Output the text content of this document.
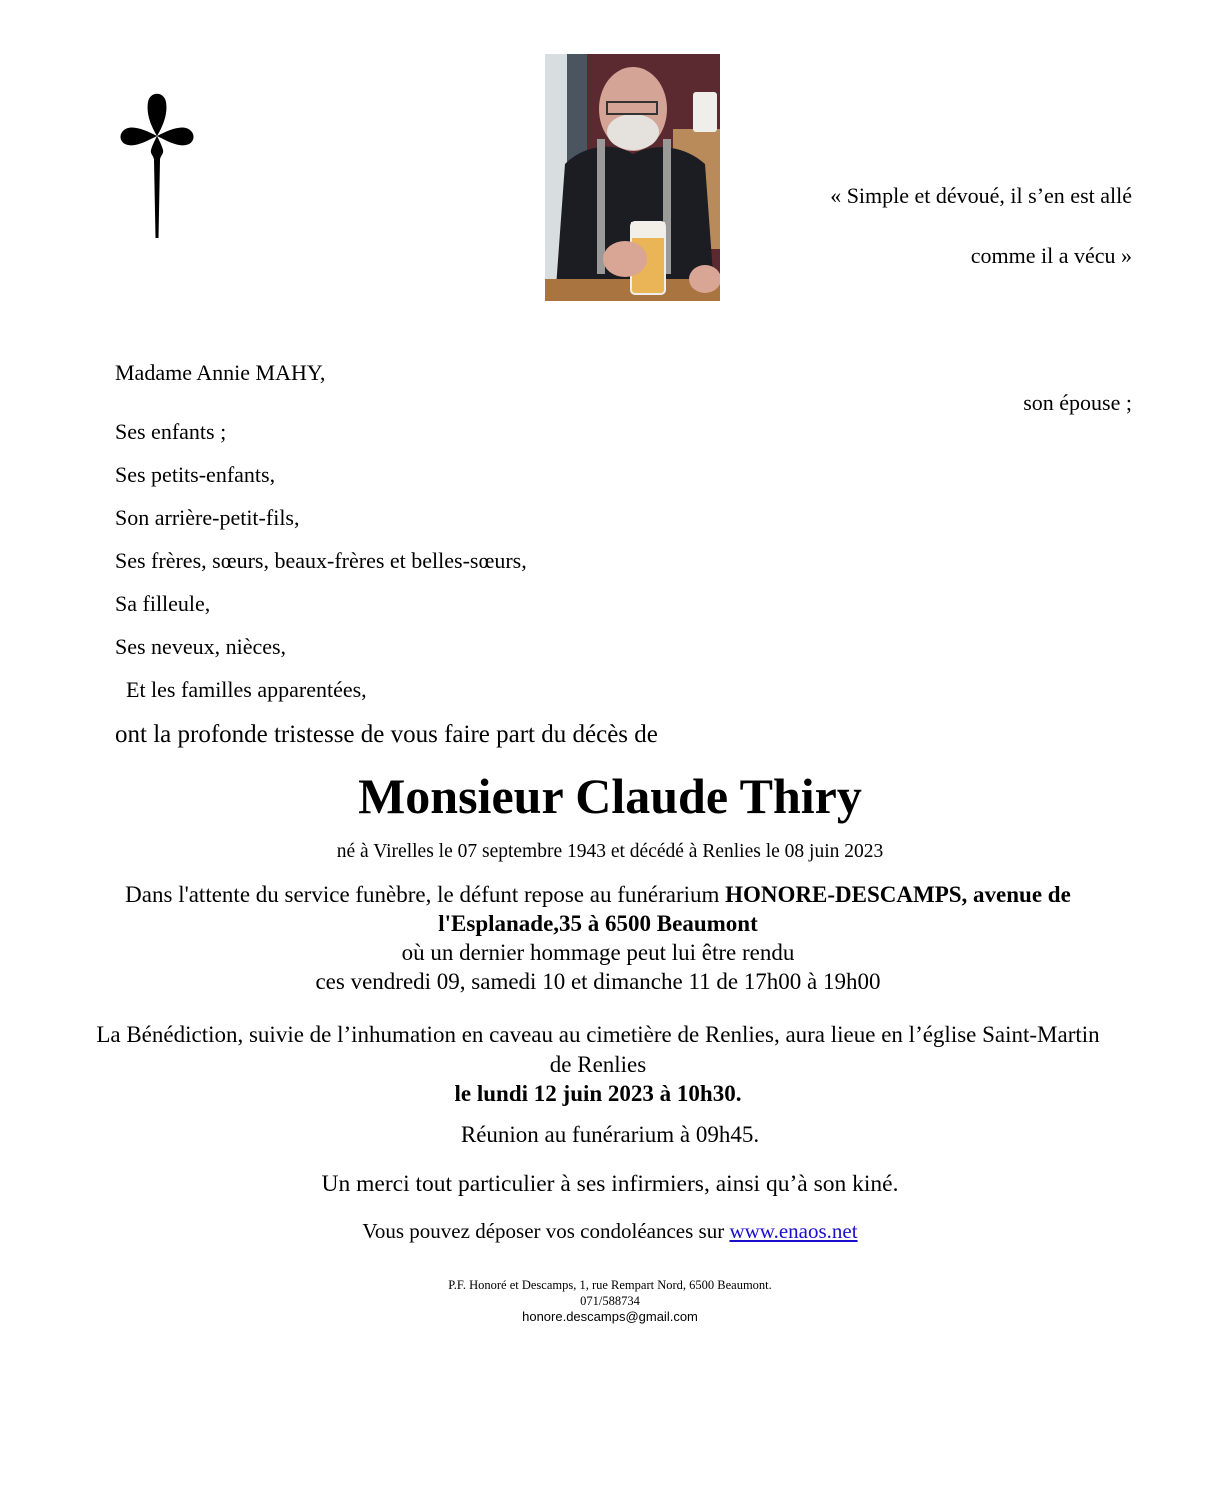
« Simple et dévoué, il s’en est allé
comme il a vécu »
Madame Annie MAHY,
son épouse ;
Ses enfants ;
Ses petits-enfants,
Son arrière-petit-fils,
Ses frères, sœurs, beaux-frères et belles-sœurs,
Sa filleule,
Ses neveux, nièces,
Et les familles apparentées,
ont la profonde tristesse de vous faire part du décès de
Monsieur Claude Thiry
né à Virelles le 07 septembre 1943 et décédé à Renlies le 08 juin 2023
Dans l'attente du service funèbre, le défunt repose au funérarium HONORE-DESCAMPS, avenue de l'Esplanade,35 à 6500 Beaumont
où un dernier hommage peut lui être rendu
ces vendredi 09, samedi 10 et dimanche 11 de 17h00 à 19h00
La Bénédiction, suivie de l’inhumation en caveau au cimetière de Renlies, aura lieue en l’église Saint-Martin de Renlies
le lundi 12 juin 2023 à 10h30.
Réunion au funérarium à 09h45.
Un merci tout particulier à ses infirmiers, ainsi qu’à son kiné.
Vous pouvez déposer vos condoléances sur www.enaos.net
P.F. Honoré et Descamps, 1, rue Rempart Nord, 6500 Beaumont.
071/588734
honore.descamps@gmail.com
